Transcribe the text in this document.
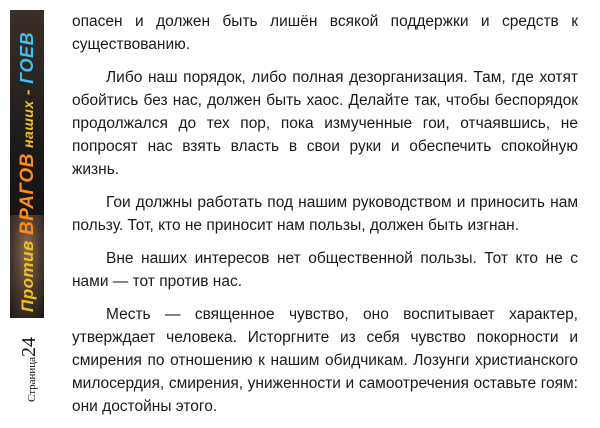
Против ВРАГОВ наших - ГОЕВ
Страница24

опасен и должен быть лишён всякой поддержки и средств к существованию.

Либо наш порядок, либо полная дезорганизация. Там, где хотят обойтись без нас, должен быть хаос. Делайте так, чтобы беспорядок продолжался до тех пор, пока измученные гои, отчаявшись, не попросят нас взять власть в свои руки и обеспечить спокойную жизнь.

Гои должны работать под нашим руководством и приносить нам пользу. Тот, кто не приносит нам пользы, должен быть изгнан.

Вне наших интересов нет общественной пользы. Тот кто не с нами — тот против нас.

Месть — священное чувство, оно воспитывает характер, утверждает человека. Исторгните из себя чувство покорности и смирения по отношению к нашим обидчикам. Лозунги христианского милосердия, смирения, униженности и самоотречения оставьте гоям: они достойны этого.
